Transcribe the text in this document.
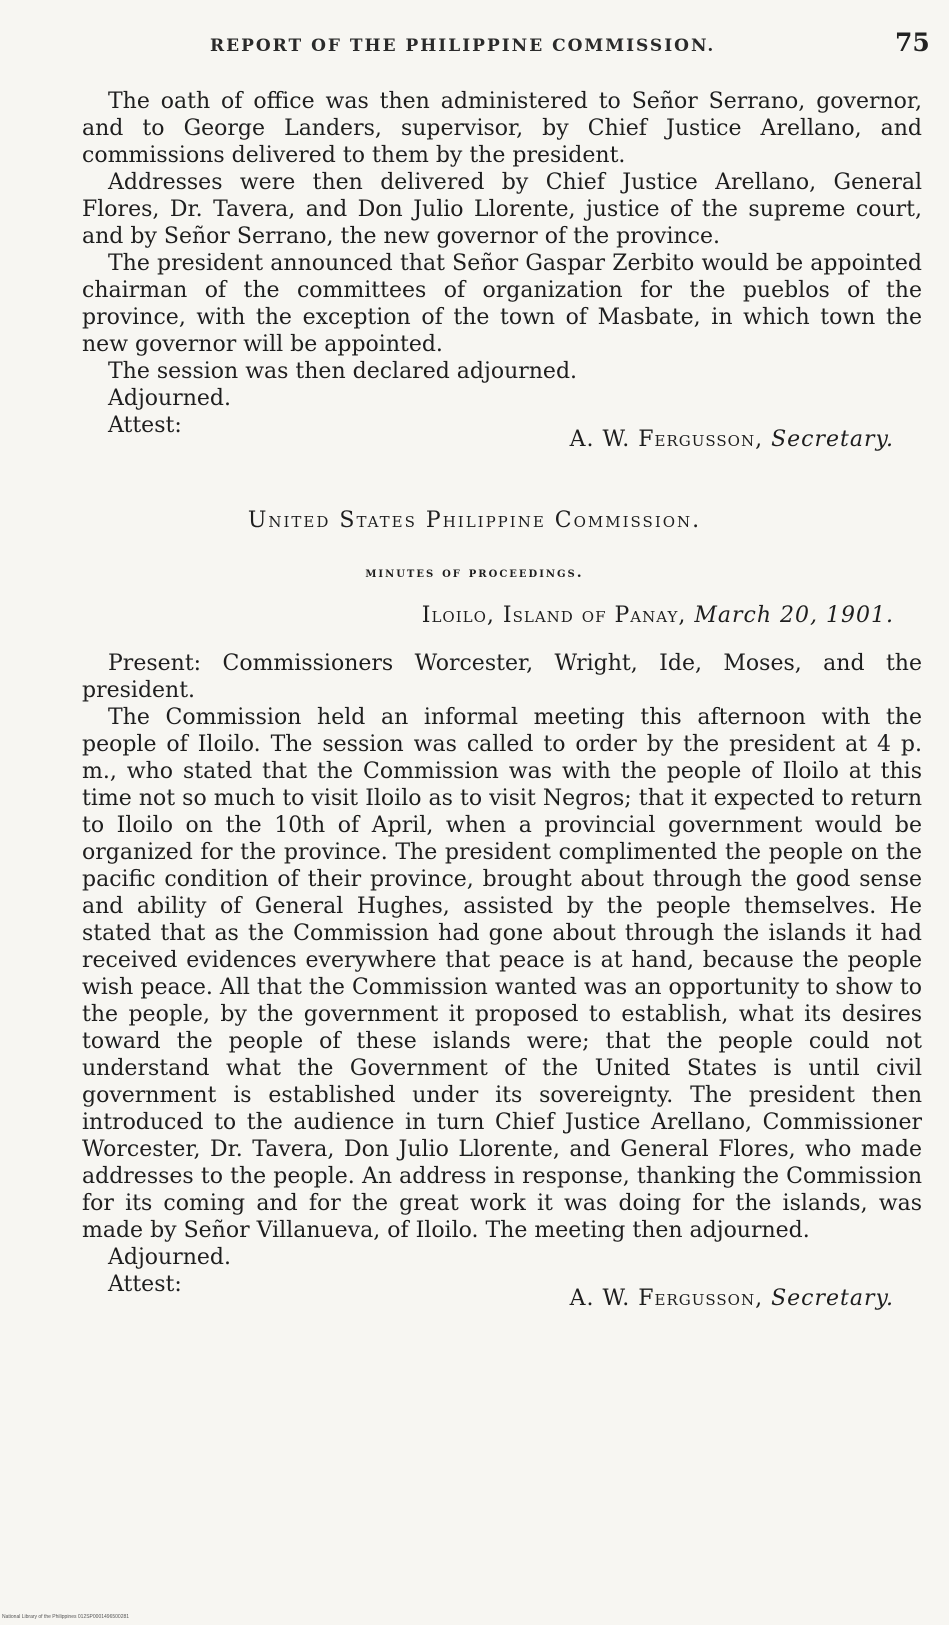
REPORT OF THE PHILIPPINE COMMISSION.	75

The oath of office was then administered to Señor Serrano, governor, and to George Landers, supervisor, by Chief Justice Arellano, and commissions delivered to them by the president.

Addresses were then delivered by Chief Justice Arellano, General Flores, Dr. Tavera, and Don Julio Llorente, justice of the supreme court, and by Señor Serrano, the new governor of the province.

The president announced that Señor Gaspar Zerbito would be appointed chairman of the committees of organization for the pueblos of the province, with the exception of the town of Masbate, in which town the new governor will be appointed.

The session was then declared adjourned.

Adjourned.

Attest:
A. W. Fergusson, Secretary.
United States Philippine Commission.
minutes of proceedings.
Iloilo, Island of Panay, March 20, 1901.

Present: Commissioners Worcester, Wright, Ide, Moses, and the president.

The Commission held an informal meeting this afternoon with the people of Iloilo. The session was called to order by the president at 4 p. m., who stated that the Commission was with the people of Iloilo at this time not so much to visit Iloilo as to visit Negros; that it expected to return to Iloilo on the 10th of April, when a provincial government would be organized for the province. The president complimented the people on the pacific condition of their province, brought about through the good sense and ability of General Hughes, assisted by the people themselves. He stated that as the Commission had gone about through the islands it had received evidences everywhere that peace is at hand, because the people wish peace. All that the Commission wanted was an opportunity to show to the people, by the government it proposed to establish, what its desires toward the people of these islands were; that the people could not understand what the Government of the United States is until civil government is established under its sovereignty. The president then introduced to the audience in turn Chief Justice Arellano, Commissioner Worcester, Dr. Tavera, Don Julio Llorente, and General Flores, who made addresses to the people. An address in response, thanking the Commission for its coming and for the great work it was doing for the islands, was made by Señor Villanueva, of Iloilo. The meeting then adjourned.

Adjourned.

Attest:
A. W. Fergusson, Secretary.
National Library of the Philippines 012SP0001496500281
